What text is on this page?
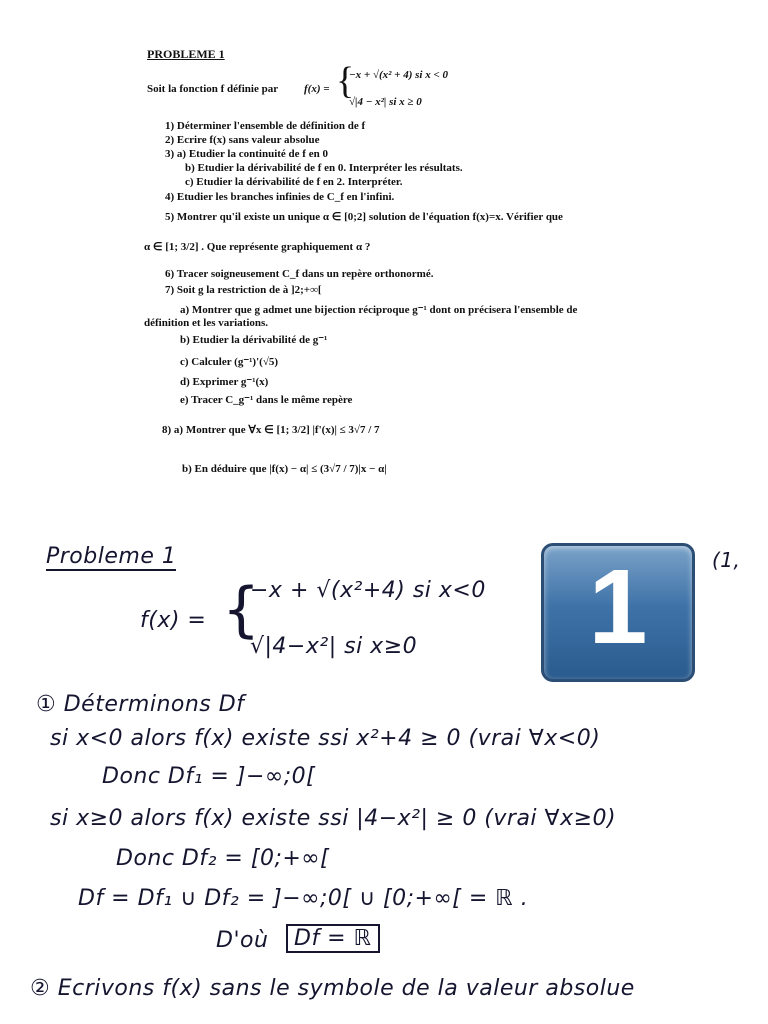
PROBLEME 1
Soit la fonction f définie par f(x) = {
−x + √(x² + 4) si x < 0
√|4 − x²| si x ≥ 0
1) Déterminer l'ensemble de définition de f
2) Ecrire f(x) sans valeur absolue
3) a) Etudier la continuité de f en 0
b) Etudier la dérivabilité de f en 0. Interpréter les résultats.
c) Etudier la dérivabilité de f en 2. Interpréter.
4) Etudier les branches infinies de C_f en l'infini.
5) Montrer qu'il existe un unique α ∈ [0;2] solution de l'équation f(x)=x. Vérifier que
α ∈ [1; 3/2] . Que représente graphiquement α ?
6) Tracer soigneusement C_f dans un repère orthonormé.
7) Soit g la restriction de à ]2;+∞[
a) Montrer que g admet une bijection réciproque g⁻¹ dont on précisera l'ensemble de
définition et les variations.
b) Etudier la dérivabilité de g⁻¹
c) Calculer (g⁻¹)'(√5)
d) Exprimer g⁻¹(x)
e) Tracer C_g⁻¹ dans le même repère
8) a) Montrer que ∀x ∈ [1; 3/2] |f'(x)| ≤ 3√7 / 7
b) En déduire que |f(x) − α| ≤ (3√7 / 7)|x − α|
1
Probleme 1	(1,
f(x) = {
−x + √(x²+4) si x<0
√|4−x²| si x≥0
① Déterminons Df
si x<0 alors f(x) existe ssi x²+4 ≥ 0 (vrai ∀x<0)
Donc Df₁ = ]−∞;0[
si x≥0 alors f(x) existe ssi |4−x²| ≥ 0 (vrai ∀x≥0)
Donc Df₂ = [0;+∞[
Df = Df₁ ∪ Df₂ = ]−∞;0[ ∪ [0;+∞[ = ℝ .
D'où	Df = ℝ
② Ecrivons f(x) sans le symbole de la valeur absolue
